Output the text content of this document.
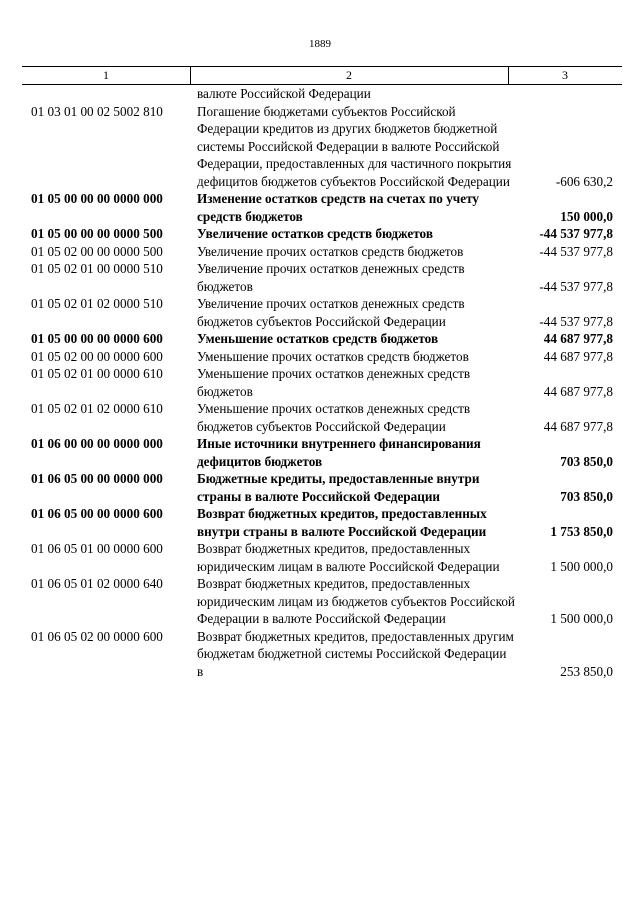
1889
1	2	3
валюте Российской Федерации
01 03 01 00 02 5002 810	Погашение бюджетами субъектов Российской Федерации кредитов из других бюджетов бюджетной системы Российской Федерации в валюте Российской Федерации, предоставленных для частичного покрытия дефицитов бюджетов субъектов Российской Федерации	-606 630,2
01 05 00 00 00 0000 000	Изменение остатков средств на счетах по учету средств бюджетов	150 000,0
01 05 00 00 00 0000 500	Увеличение остатков средств бюджетов	-44 537 977,8
01 05 02 00 00 0000 500	Увеличение прочих остатков средств бюджетов	-44 537 977,8
01 05 02 01 00 0000 510	Увеличение прочих остатков денежных средств бюджетов	-44 537 977,8
01 05 02 01 02 0000 510	Увеличение прочих остатков денежных средств бюджетов субъектов Российской Федерации	-44 537 977,8
01 05 00 00 00 0000 600	Уменьшение остатков средств бюджетов	44 687 977,8
01 05 02 00 00 0000 600	Уменьшение прочих остатков средств бюджетов	44 687 977,8
01 05 02 01 00 0000 610	Уменьшение прочих остатков денежных средств бюджетов	44 687 977,8
01 05 02 01 02 0000 610	Уменьшение прочих остатков денежных средств бюджетов субъектов Российской Федерации	44 687 977,8
01 06 00 00 00 0000 000	Иные источники внутреннего финансирования дефицитов бюджетов	703 850,0
01 06 05 00 00 0000 000	Бюджетные кредиты, предоставленные внутри страны в валюте Российской Федерации	703 850,0
01 06 05 00 00 0000 600	Возврат бюджетных кредитов, предоставленных внутри страны в валюте Российской Федерации	1 753 850,0
01 06 05 01 00 0000 600	Возврат бюджетных кредитов, предоставленных юридическим лицам в валюте Российской Федерации	1 500 000,0
01 06 05 01 02 0000 640	Возврат бюджетных кредитов, предоставленных юридическим лицам из бюджетов субъектов Российской Федерации в валюте Российской Федерации	1 500 000,0
01 06 05 02 00 0000 600	Возврат бюджетных кредитов, предоставленных другим бюджетам бюджетной системы Российской Федерации в	253 850,0
